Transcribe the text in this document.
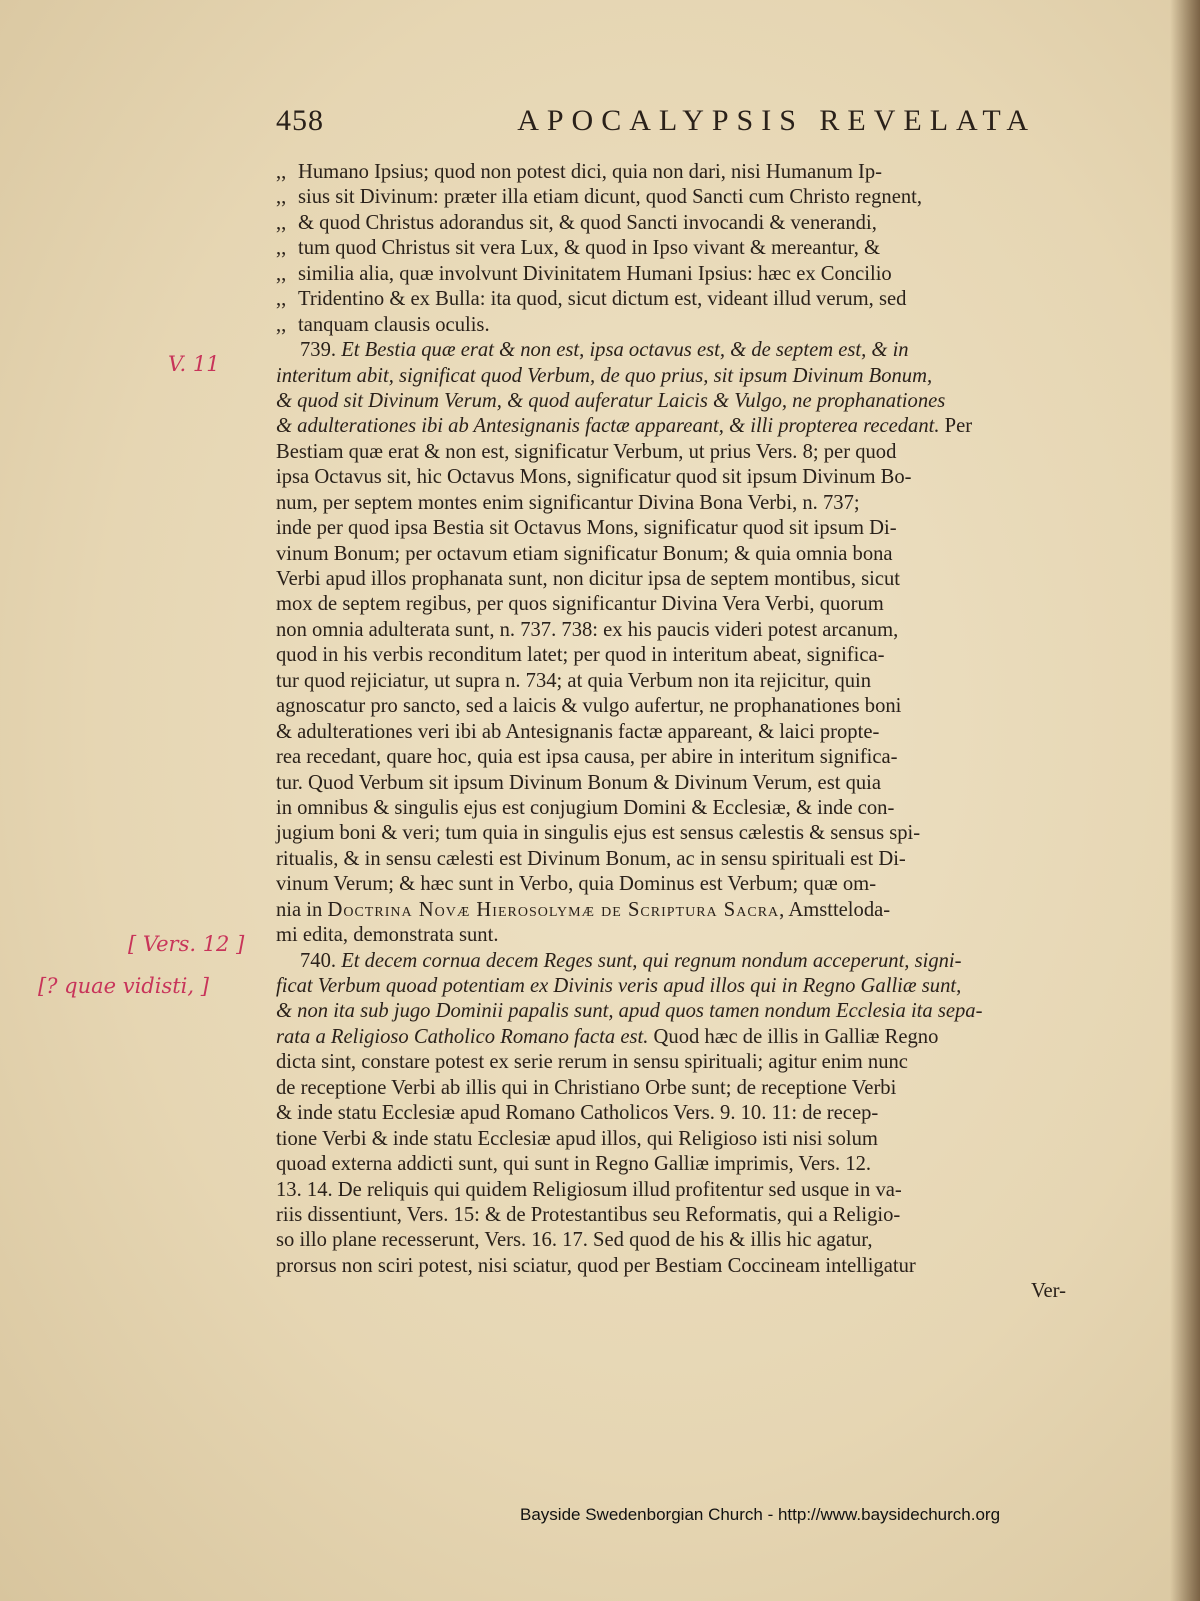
458	APOCALYPSIS REVELATA
,, Humano Ipsius; quod non potest dici, quia non dari, nisi Humanum Ip-
,, sius sit Divinum: præter illa etiam dicunt, quod Sancti cum Christo regnent,
,, & quod Christus adorandus sit, & quod Sancti invocandi & venerandi,
,, tum quod Christus sit vera Lux, & quod in Ipso vivant & mereantur, &
,, similia alia, quæ involvunt Divinitatem Humani Ipsius: hæc ex Concilio
,, Tridentino & ex Bulla: ita quod, sicut dictum est, videant illud verum, sed
,, tanquam clausis oculis.
739. Et Bestia quæ erat & non est, ipsa octavus est, & de septem est, & in
interitum abit, significat quod Verbum, de quo prius, sit ipsum Divinum Bonum,
& quod sit Divinum Verum, & quod auferatur Laicis & Vulgo, ne prophanationes
& adulterationes ibi ab Antesignanis factæ appareant, & illi propterea recedant. Per
Bestiam quæ erat & non est, significatur Verbum, ut prius Vers. 8; per quod
ipsa Octavus sit, hic Octavus Mons, significatur quod sit ipsum Divinum Bo-
num, per septem montes enim significantur Divina Bona Verbi, n. 737;
inde per quod ipsa Bestia sit Octavus Mons, significatur quod sit ipsum Di-
vinum Bonum; per octavum etiam significatur Bonum; & quia omnia bona
Verbi apud illos prophanata sunt, non dicitur ipsa de septem montibus, sicut
mox de septem regibus, per quos significantur Divina Vera Verbi, quorum
non omnia adulterata sunt, n. 737. 738: ex his paucis videri potest arcanum,
quod in his verbis reconditum latet; per quod in interitum abeat, significa-
tur quod rejiciatur, ut supra n. 734; at quia Verbum non ita rejicitur, quin
agnoscatur pro sancto, sed a laicis & vulgo aufertur, ne prophanationes boni
& adulterationes veri ibi ab Antesignanis factæ appareant, & laici propte-
rea recedant, quare hoc, quia est ipsa causa, per abire in interitum significa-
tur. Quod Verbum sit ipsum Divinum Bonum & Divinum Verum, est quia
in omnibus & singulis ejus est conjugium Domini & Ecclesiæ, & inde con-
jugium boni & veri; tum quia in singulis ejus est sensus cælestis & sensus spi-
ritualis, & in sensu cælesti est Divinum Bonum, ac in sensu spirituali est Di-
vinum Verum; & hæc sunt in Verbo, quia Dominus est Verbum; quæ om-
nia in Doctrina Novæ Hierosolymæ de Scriptura Sacra, Amstteloda-
mi edita, demonstrata sunt.
740. Et decem cornua decem Reges sunt, qui regnum nondum acceperunt, signi-
ficat Verbum quoad potentiam ex Divinis veris apud illos qui in Regno Galliæ sunt,
& non ita sub jugo Dominii papalis sunt, apud quos tamen nondum Ecclesia ita sepa-
rata a Religioso Catholico Romano facta est. Quod hæc de illis in Galliæ Regno
dicta sint, constare potest ex serie rerum in sensu spirituali; agitur enim nunc
de receptione Verbi ab illis qui in Christiano Orbe sunt; de receptione Verbi
& inde statu Ecclesiæ apud Romano Catholicos Vers. 9. 10. 11: de recep-
tione Verbi & inde statu Ecclesiæ apud illos, qui Religioso isti nisi solum
quoad externa addicti sunt, qui sunt in Regno Galliæ imprimis, Vers. 12.
13. 14. De reliquis qui quidem Religiosum illud profitentur sed usque in va-
riis dissentiunt, Vers. 15: & de Protestantibus seu Reformatis, qui a Religio-
so illo plane recesserunt, Vers. 16. 17. Sed quod de his & illis hic agatur,
prorsus non sciri potest, nisi sciatur, quod per Bestiam Coccineam intelligatur
Ver-
V. 11
[ Vers. 12 ]
[? quae vidisti, ]
Bayside Swedenborgian Church - http://www.baysidechurch.org
